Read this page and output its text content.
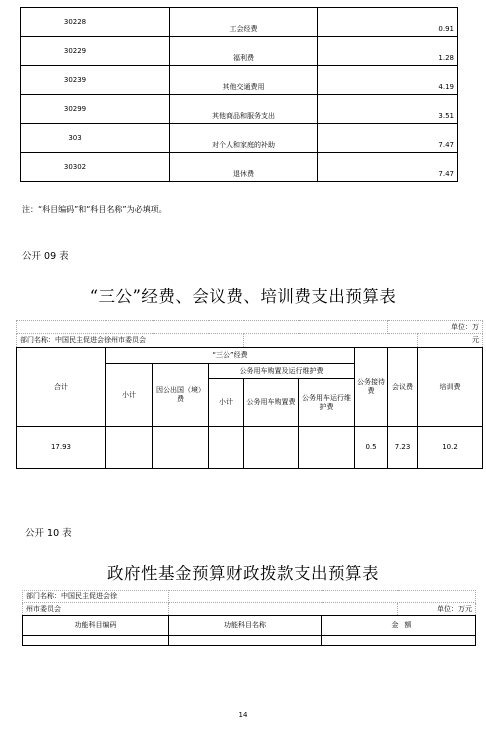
30228	工会经费	0.91
30229	福利费	1.28
30239	其他交通费用	4.19
30299	其他商品和服务支出	3.51
303	对个人和家庭的补助	7.47
30302	退休费	7.47
注：“科目编码”和“科目名称”为必填项。
公开 09 表
“三公”经费、会议费、培训费支出预算表
							单位：万	
部门名称：中国民主促进会徐州市委员会								元
合计	“三公”经费					公务接待费	会议费	培训费
	小计	因公出国（境）费	公务用车购置及运行维护费					
			小计	公务用车购置费	公务用车运行维护费			

17.93						0.5	7.23	10.2
公开 10 表
政府性基金预算财政拨款支出预算表
部门名称：中国民主促进会徐			
州市委员会			单位：万元
功能科目编码	功能科目名称	金 额	

14
